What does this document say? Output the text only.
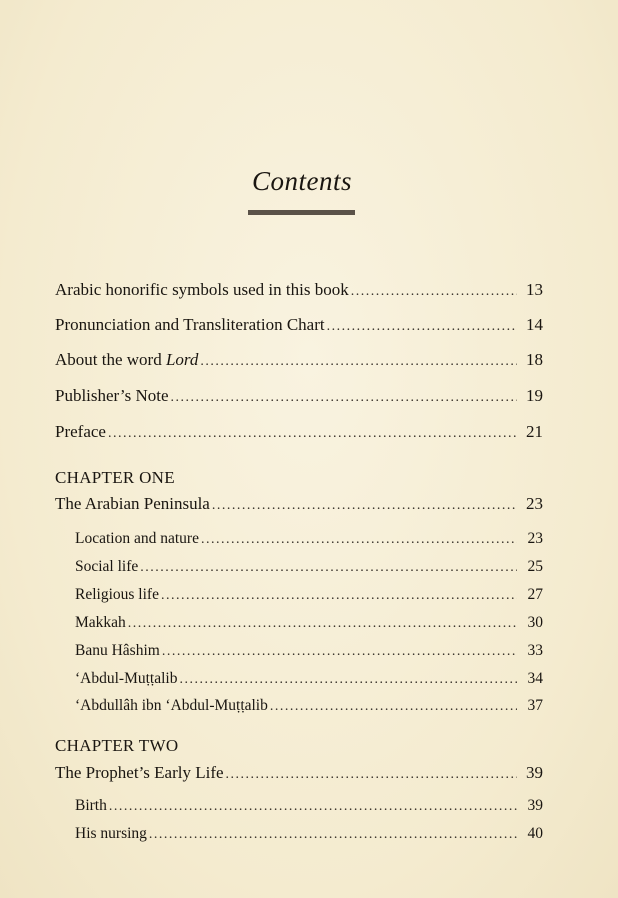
Contents
Arabic honorific symbols used in this book .....	13
Pronunciation and Transliteration Chart .....	14
About the word Lord .....	18
Publisher’s Note .....	19
Preface .....	21
CHAPTER ONE
The Arabian Peninsula .....	23
Location and nature .....	23
Social life .....	25
Religious life .....	27
Makkah .....	30
Banu Hâshim .....	33
‘Abdul-Muṭṭalib .....	34
‘Abdullâh ibn ‘Abdul-Muṭṭalib .....	37
CHAPTER TWO
The Prophet’s Early Life .....	39
Birth .....	39
His nursing .....	40
